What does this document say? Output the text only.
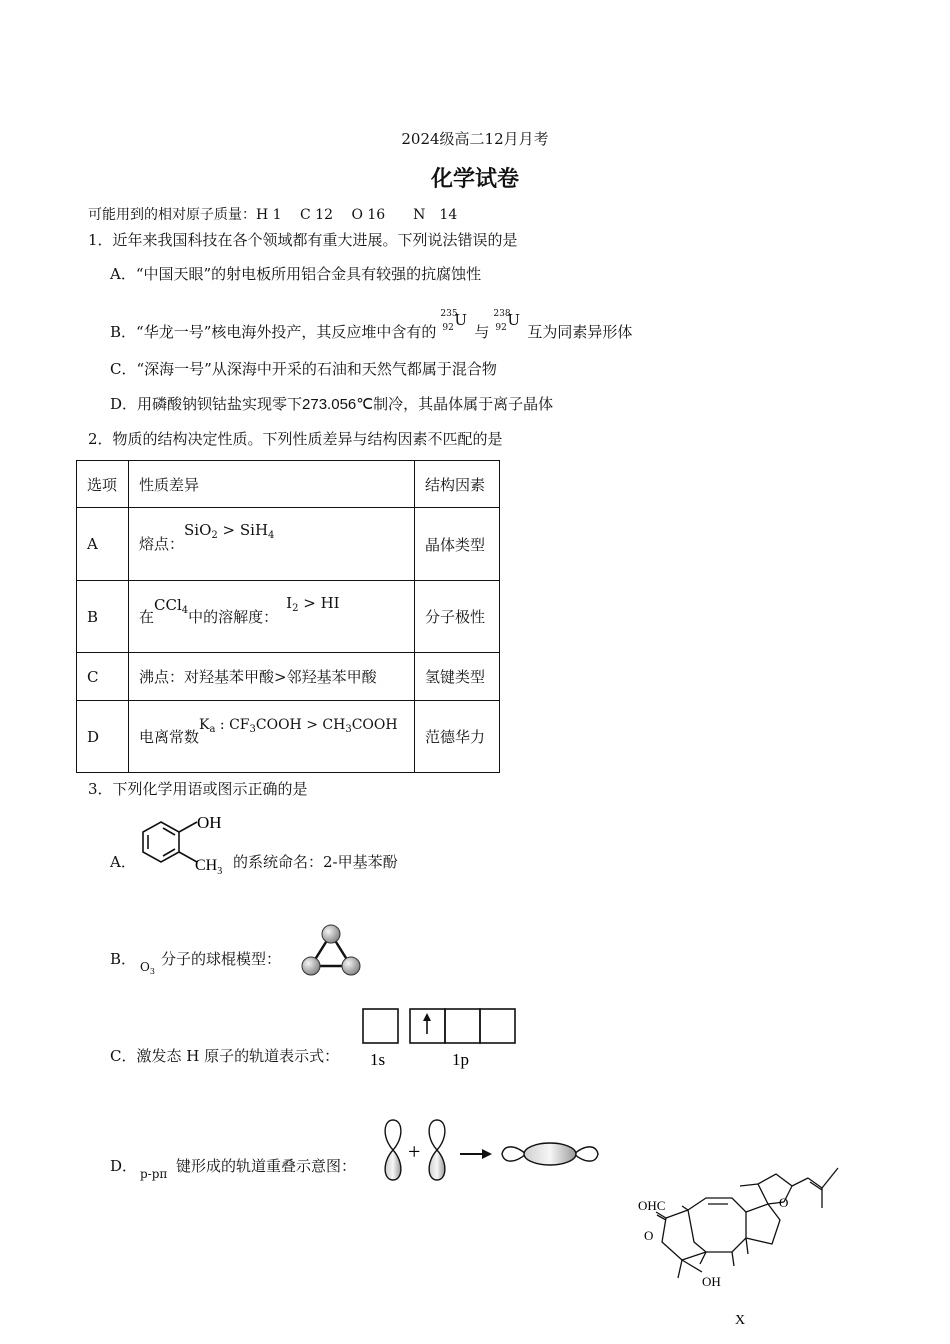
2024级高二12月月考
化学试卷
可能用到的相对原子质量：H 1　 C 12　 O 16　　N　14
1．近年来我国科技在各个领域都有重大进展。下列说法错误的是
A．“中国天眼”的射电板所用铝合金具有较强的抗腐蚀性
B．“华龙一号”核电海外投产，其反应堆中含有的
235
92 U
与
238
92 U
互为同素异形体
C．“深海一号”从深海中开采的石油和天然气都属于混合物
D．用磷酸钠钡钴盐实现零下273.056℃制冷，其晶体属于离子晶体
2．物质的结构决定性质。下列性质差异与结构因素不匹配的是
选项	性质差异	结构因素
A	熔点：SiO$_2$ > SiH$_4$	晶体类型
B	在CCl$_4$中的溶解度：$I_2$ > HI	分子极性
C	沸点：对羟基苯甲酸>邻羟基苯甲酸	氢键类型
D	电离常数$K_a$ : $CF_3COOH$ > $CH_3COOH$	范德华力
3．下列化学用语或图示正确的是
A．
OH
$CH_3$
的系统命名：2-甲基苯酚
B． $O_3$
分子的球棍模型：
C．激发态 H 原子的轨道表示式： 1s	1p
D． p-pπ 键形成的轨道重叠示意图：
+
OHC
O
O
OH
X
